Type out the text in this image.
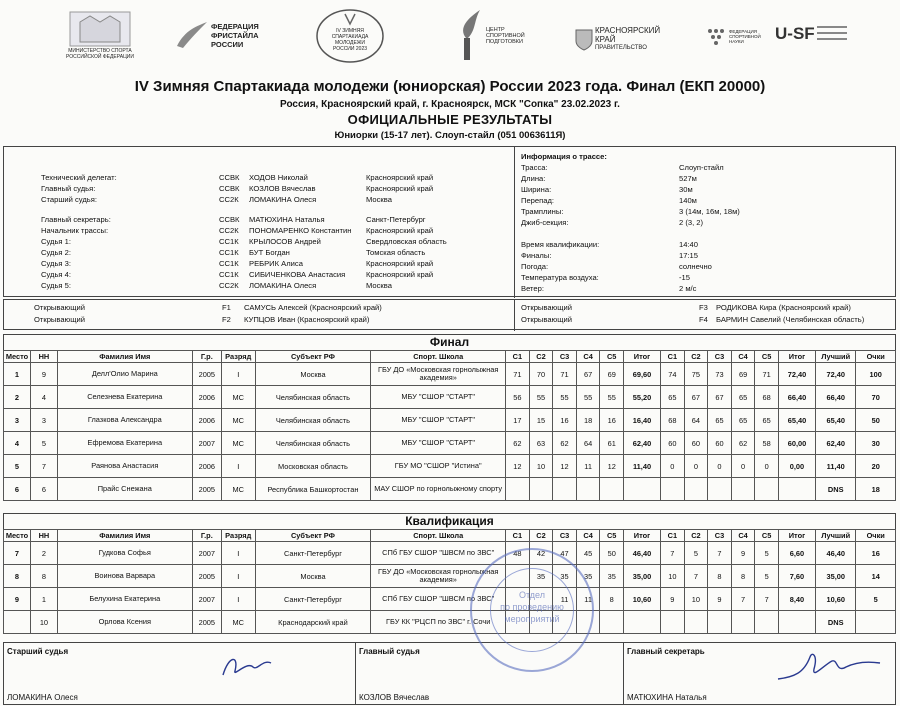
МИНИСТЕРСТВО СПОРТА РОССИЙСКОЙ ФЕДЕРАЦИИ

ФЕДЕРАЦИЯ
ФРИСТАЙЛА
РОССИИ
IV ЗИМНЯЯ
СПАРТАКИАДА
МОЛОДЕЖИ
РОССИИ 2023

ЦЕНТР
СПОРТИВНОЙ
ПОДГОТОВКИ

КРАСНОЯРСКИЙ
КРАЙ
ПРАВИТЕЛЬСТВО
ФЕДЕРАЦИЯ СПОРТИВНОЙ НАУКИ	U-SF
IV Зимняя Спартакиада молодежи (юниорская) России 2023 года. Финал (ЕКП 20000)
Россия, Красноярский край, г. Красноярск, МСК "Сопка" 23.02.2023 г.
ОФИЦИАЛЬНЫЕ РЕЗУЛЬТАТЫ
Юниорки (15-17 лет). Слоуп-стайл (051 0063611Я)
Технический делегат:	ССВК ХОДОВ Николай	Красноярский край
Главный судья:	ССВК КОЗЛОВ Вячеслав	Красноярский край
Старший судья:	СС2К ЛОМАКИНА Олеся	Москва
Главный секретарь:	ССВК МАТЮХИНА Наталья	Санкт-Петербург
Начальник трассы:	СС2К ПОНОМАРЕНКО Константин Красноярский край
Судья 1:	СС1К КРЫЛОСОВ Андрей	Свердловская область
Судья 2:	СС1К БУТ Богдан	Томская область
Судья 3:	СС1К РЕБРИК Алиса	Красноярский край
Судья 4:	СС1К СИБИЧЕНКОВА Анастасия	Красноярский край
Судья 5:	СС2К ЛОМАКИНА Олеся	Москва
Информация о трассе:
Трасса:	Слоуп-стайл
Длина:	527м
Ширина:	30м
Перепад:	140м
Трамплины:	3 (14м, 16м, 18м)
Джиб-секция:	2 (3, 2)
Время квалификации:	14:40
Финалы:	17:15
Погода:	солнечно
Температура воздуха:	-15
Ветер:	2 м/с
Открывающий	F1 САМУСЬ Алексей (Красноярский край)
Открывающий	F2 КУПЦОВ Иван (Красноярский край)
Открывающий	F3 РОДИКОВА Кира (Красноярский край)
Открывающий	F4 БАРМИН Савелий (Челябинская область)
Финал
Место	НН	Фамилия Имя	Г.р.	Разряд	Субъект РФ	Спорт. Школа	С1	С2	С3	С4	С5	Итог	С1	С2	С3	С4	С5	Итог	Лучший	Очки
1	9	Делл'Олио Марина	2005	I	Москва	ГБУ ДО «Московская горнолыжная академия»	71	70	71	67	69	69,60	74	75	73	69	71	72,40	72,40	100
2	4	Селезнева Екатерина	2006	МС	Челябинская область	МБУ "СШОР "СТАРТ"	56	55	55	55	55	55,20	65	67	67	65	68	66,40	66,40	70
3	3	Глазкова Александра	2006	МС	Челябинская область	МБУ "СШОР "СТАРТ"	17	15	16	18	16	16,40	68	64	65	65	65	65,40	65,40	50
4	5	Ефремова Екатерина	2007	МС	Челябинская область	МБУ "СШОР "СТАРТ"	62	63	62	64	61	62,40	60	60	60	62	58	60,00	62,40	30
5	7	Раянова Анастасия	2006	I	Московская область	ГБУ МО "СШОР "Истина"	12	10	12	11	12	11,40	0	0	0	0	0	0,00	11,40	20
6	6	Прайс Снежана	2005	МС	Республика Башкортостан	МАУ СШОР по горнолыжному спорту													DNS	18
Квалификация
Место	НН	Фамилия Имя	Г.р.	Разряд	Субъект РФ	Спорт. Школа	С1	С2	С3	С4	С5	Итог	С1	С2	С3	С4	С5	Итог	Лучший	Очки
7	2	Гудкова Софья	2007	I	Санкт-Петербург	СПб ГБУ СШОР "ШВСМ по ЗВС"	48	42	47	45	50	46,40	7	5	7	9	5	6,60	46,40	16
8	8	Воинова Варвара	2005	I	Москва	ГБУ ДО «Московская горнолыжная академия»		35	35	35	35	35,00	10	7	8	8	5	7,60	35,00	14
9	1	Белухина Екатерина	2007	I	Санкт-Петербург	СПб ГБУ СШОР "ШВСМ по ЗВС"			11	11	8	10,60	9	10	9	7	7	8,40	10,60	5
	10	Орлова Ксения	2005	МС	Краснодарский край	ГБУ КК "РЦСП по ЗВС" г. Сочи													DNS	
Старший судья
ЛОМАКИНА Олеся
Главный судья
КОЗЛОВ Вячеслав
Главный секретарь
МАТЮХИНА Наталья
Отдел
по проведению
мероприятий
